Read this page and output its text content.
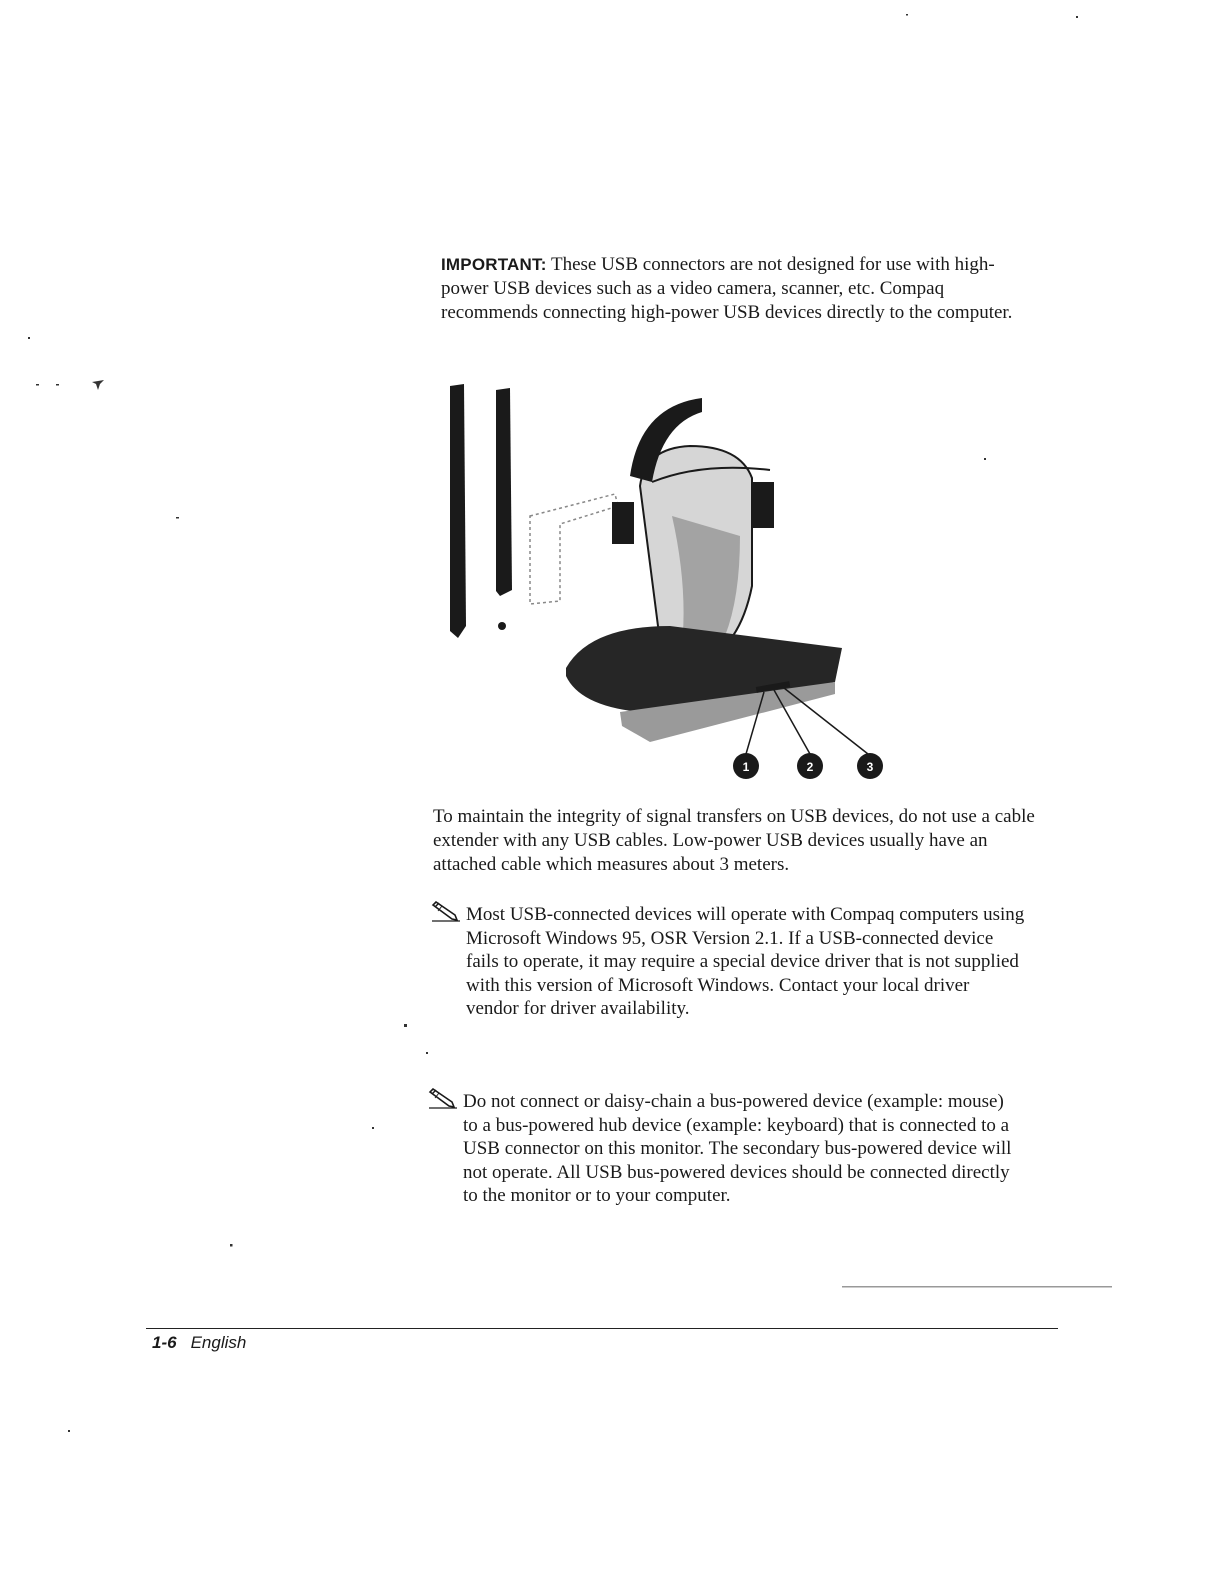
IMPORTANT: These USB connectors are not designed for use with high-power USB devices such as a video camera, scanner, etc. Compaq recommends connecting high-power USB devices directly to the computer.
1	2	3
To maintain the integrity of signal transfers on USB devices, do not use a cable extender with any USB cables. Low-power USB devices usually have an attached cable which measures about 3 meters.
Most USB-connected devices will operate with Compaq computers using Microsoft Windows 95, OSR Version 2.1. If a USB-connected device fails to operate, it may require a special device driver that is not supplied with this version of Microsoft Windows. Contact your local driver vendor for driver availability.
Do not connect or daisy-chain a bus-powered device (example: mouse) to a bus-powered hub device (example: keyboard) that is connected to a USB connector on this monitor. The secondary bus-powered device will not operate. All USB bus-powered devices should be connected directly to the monitor or to your computer.
1-6 English
